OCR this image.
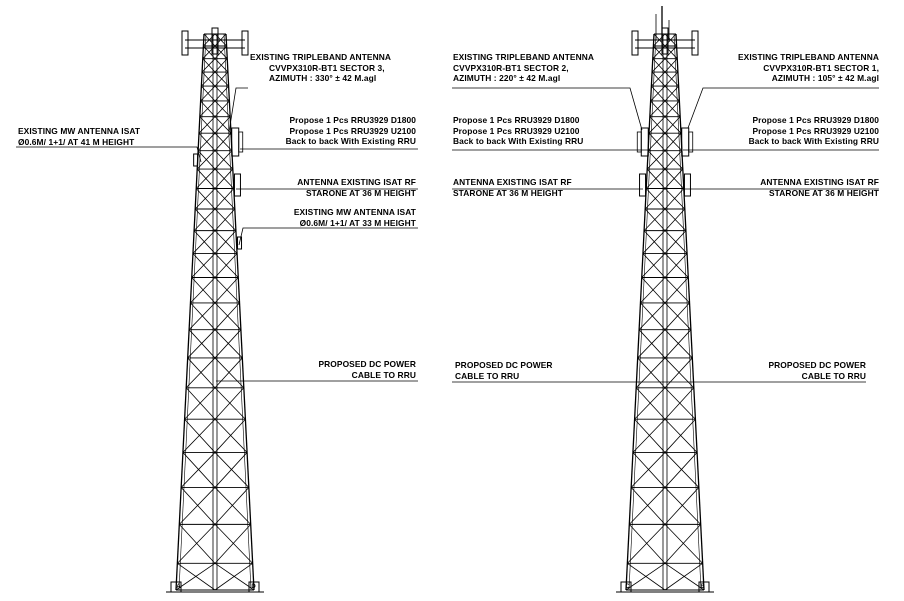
EXISTING TRIPLEBAND ANTENNA
CVVPX310R-BT1 SECTOR 3,
AZIMUTH : 330° ± 42 M.agl
Propose 1 Pcs RRU3929 D1800
Propose 1 Pcs RRU3929 U2100
Back to back With Existing RRU
EXISTING MW ANTENNA ISAT
Ø0.6M/ 1+1/ AT 41 M HEIGHT
ANTENNA EXISTING ISAT RF
STARONE AT 36 M HEIGHT
EXISTING MW ANTENNA ISAT
Ø0.6M/ 1+1/ AT 33 M HEIGHT
PROPOSED DC POWER
CABLE TO RRU
EXISTING TRIPLEBAND ANTENNA
CVVPX310R-BT1 SECTOR 2,
AZIMUTH : 220° ± 42 M.agl
EXISTING TRIPLEBAND ANTENNA
CVVPX310R-BT1 SECTOR 1,
AZIMUTH : 105° ± 42 M.agl
Propose 1 Pcs RRU3929 D1800
Propose 1 Pcs RRU3929 U2100
Back to back With Existing RRU
Propose 1 Pcs RRU3929 D1800
Propose 1 Pcs RRU3929 U2100
Back to back With Existing RRU
ANTENNA EXISTING ISAT RF
STARONE AT 36 M HEIGHT
ANTENNA EXISTING ISAT RF
STARONE AT 36 M HEIGHT
PROPOSED DC POWER
CABLE TO RRU
PROPOSED DC POWER
CABLE TO RRU
A	D	C	B
